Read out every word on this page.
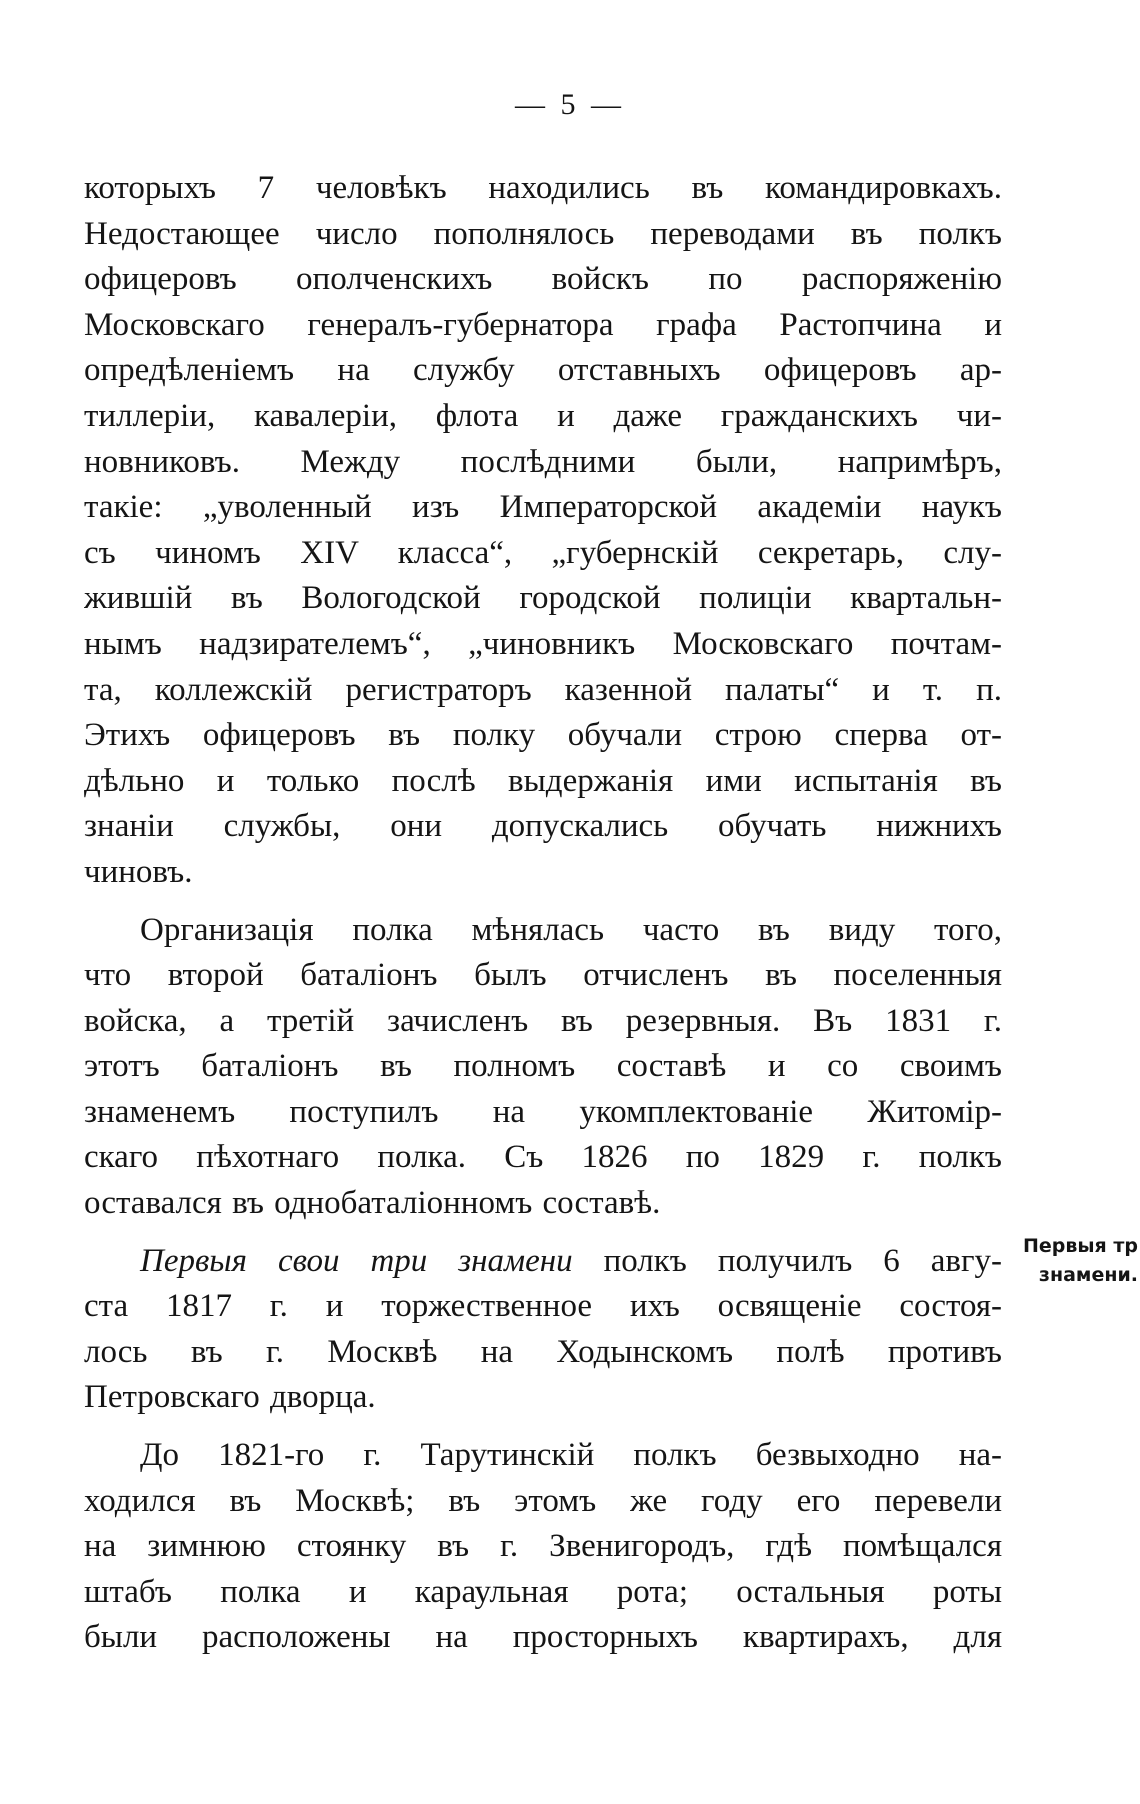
— 5 —

которыхъ 7 человѣкъ находились въ командировкахъ.
Недостающее число пополнялось переводами въ полкъ
офицеровъ ополченскихъ войскъ по распоряженію
Московскаго генералъ-губернатора графа Растопчина и
опредѣленіемъ на службу отставныхъ офицеровъ ар-
тиллеріи, кавалеріи, флота и даже гражданскихъ чи-
новниковъ. Между послѣдними были, напримѣръ,
такіе: „уволенный изъ Императорской академіи наукъ
съ чиномъ XIV класса“, „губернскій секретарь, слу-
жившій въ Вологодской городской полиціи квартальн-
нымъ надзирателемъ“, „чиновникъ Московскаго почтам-
та, коллежскій регистраторъ казенной палаты“ и т. п.
Этихъ офицеровъ въ полку обучали строю сперва от-
дѣльно и только послѣ выдержанія ими испытанія въ
знаніи службы, они допускались обучать нижнихъ
чиновъ.

Организація полка мѣнялась часто въ виду того,
что второй баталіонъ былъ отчисленъ въ поселенныя
войска, а третій зачисленъ въ резервныя. Въ 1831 г.
этотъ баталіонъ въ полномъ составѣ и со своимъ
знаменемъ поступилъ на укомплектованіе Житомір-
скаго пѣхотнаго полка. Съ 1826 по 1829 г. полкъ
оставался въ однобаталіонномъ составѣ.

Первыя свои три знамени полкъ получилъ 6 авгу-
ста 1817 г. и торжественное ихъ освященіе состоя-
лось въ г. Москвѣ на Ходынскомъ полѣ противъ
Петровскаго дворца.

До 1821-го г. Тарутинскій полкъ безвыходно на-
ходился въ Москвѣ; въ этомъ же году его перевели
на зимнюю стоянку въ г. Звенигородъ, гдѣ помѣщался
штабъ полка и караульная рота; остальныя роты
были расположены на просторныхъ квартирахъ, для

Первыя тр
знамени.
